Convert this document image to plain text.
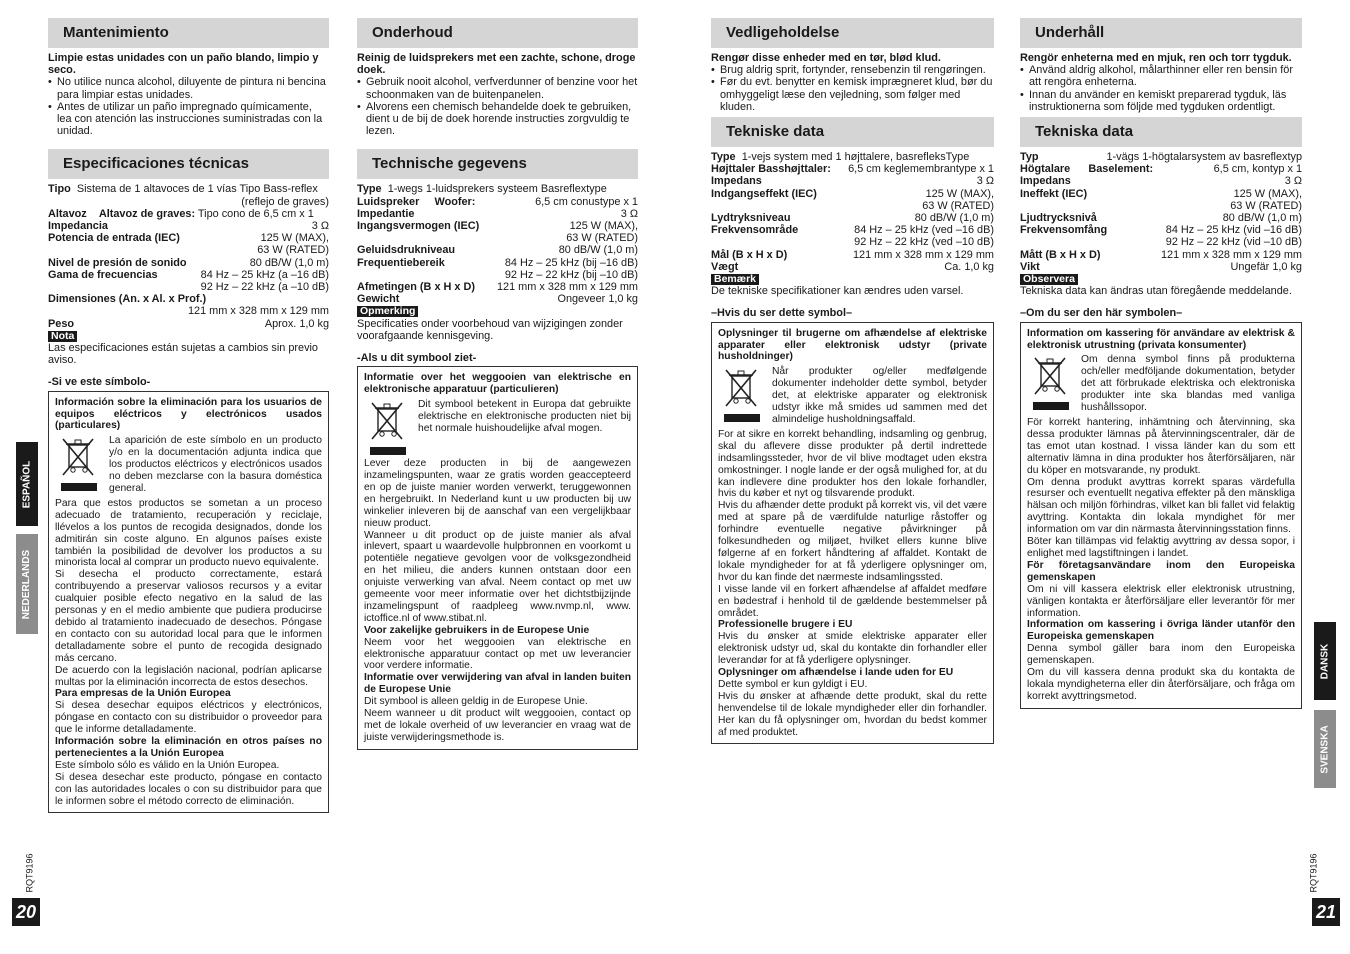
Mantenimiento
Limpie estas unidades con un paño blando, limpio y seco.
• No utilice nunca alcohol, diluyente de pintura ni bencina para limpiar estas unidades.
• Antes de utilizar un paño impregnado químicamente, lea con atención las instrucciones suministradas con la unidad.
Especificaciones técnicas
Tipo Sistema de 1 altavoces de 1 vías Tipo Bass-reflex
(reflejo de graves)
Altavoz Altavoz de graves: Tipo cono de 6,5 cm x 1
Impedancia	3 Ω
Potencia de entrada (IEC)	125 W (MAX),
63 W (RATED)
Nivel de presión de sonido	80 dB/W (1,0 m)
Gama de frecuencias	84 Hz – 25 kHz (a –16 dB)
92 Hz – 22 kHz (a –10 dB)
Dimensiones (An. x Al. x Prof.)
121 mm x 328 mm x 129 mm
Peso	Aprox. 1,0 kg
Nota
Las especificaciones están sujetas a cambios sin previo aviso.
-Si ve este símbolo-
Información sobre la eliminación para los usuarios de equipos eléctricos y electrónicos usados (particulares)
La aparición de este símbolo en un producto y/o en la documentación adjunta indica que los productos eléctricos y electrónicos usados no deben mezclarse con la basura doméstica general.
Para que estos productos se sometan a un proceso adecuado de tratamiento, recuperación y reciclaje, llévelos a los puntos de recogida designados, donde los admitirán sin coste alguno. En algunos países existe también la posibilidad de devolver los productos a su minorista local al comprar un producto nuevo equivalente.
Si desecha el producto correctamente, estará contribuyendo a preservar valiosos recursos y a evitar cualquier posible efecto negativo en la salud de las personas y en el medio ambiente que pudiera producirse debido al tratamiento inadecuado de desechos. Póngase en contacto con su autoridad local para que le informen detalladamente sobre el punto de recogida designado más cercano.
De acuerdo con la legislación nacional, podrían aplicarse multas por la eliminación incorrecta de estos desechos.
Para empresas de la Unión Europea
Si desea desechar equipos eléctricos y electrónicos, póngase en contacto con su distribuidor o proveedor para que le informe detalladamente.
Información sobre la eliminación en otros países no pertenecientes a la Unión Europea
Este símbolo sólo es válido en la Unión Europea.
Si desea desechar este producto, póngase en contacto con las autoridades locales o con su distribuidor para que le informen sobre el método correcto de eliminación.
Onderhoud
Reinig de luidsprekers met een zachte, schone, droge doek.
• Gebruik nooit alcohol, verfverdunner of benzine voor het schoonmaken van de buitenpanelen.
• Alvorens een chemisch behandelde doek te gebruiken, dient u de bij de doek horende instructies zorgvuldig te lezen.
Technische gegevens
Type 1-wegs 1-luidsprekers systeem Basreflextype
Luidspreker Woofer:	6,5 cm conustype x 1
Impedantie	3 Ω
Ingangsvermogen (IEC)	125 W (MAX),
63 W (RATED)
Geluidsdrukniveau	80 dB/W (1,0 m)
Frequentiebereik	84 Hz – 25 kHz (bij –16 dB)
92 Hz – 22 kHz (bij –10 dB)
Afmetingen (B x H x D) 121 mm x 328 mm x 129 mm
Gewicht	Ongeveer 1,0 kg
Opmerking
Specificaties onder voorbehoud van wijzigingen zonder voorafgaande kennisgeving.
-Als u dit symbool ziet-
Informatie over het weggooien van elektrische en elektronische apparatuur (particulieren)
Dit symbool betekent in Europa dat gebruikte elektrische en elektronische producten niet bij het normale huishoudelijke afval mogen.
Lever deze producten in bij de aangewezen inzamelingspunten, waar ze gratis worden geaccepteerd en op de juiste manier worden verwerkt, teruggewonnen en hergebruikt. In Nederland kunt u uw producten bij uw winkelier inleveren bij de aanschaf van een vergelijkbaar nieuw product.
Wanneer u dit product op de juiste manier als afval inlevert, spaart u waardevolle hulpbronnen en voorkomt u potentiële negatieve gevolgen voor de volksgezondheid en het milieu, die anders kunnen ontstaan door een onjuiste verwerking van afval. Neem contact op met uw gemeente voor meer informatie over het dichtstbijzijnde inzamelingspunt of raadpleeg www.nvmp.nl, www. ictoffice.nl of www.stibat.nl.
Voor zakelijke gebruikers in de Europese Unie
Neem voor het weggooien van elektrische en elektronische apparatuur contact op met uw leverancier voor verdere informatie.
Informatie over verwijdering van afval in landen buiten de Europese Unie
Dit symbool is alleen geldig in de Europese Unie.
Neem wanneer u dit product wilt weggooien, contact op met de lokale overheid of uw leverancier en vraag wat de juiste verwijderingsmethode is.
Vedligeholdelse
Rengør disse enheder med en tør, blød klud.
• Brug aldrig sprit, fortynder, rensebenzin til rengøringen.
• Før du evt. benytter en kemisk imprægneret klud, bør du omhyggeligt læse den vejledning, som følger med kluden.
Tekniske data
Type 1-vejs system med 1 højttalere, basrefleksType
Højttaler Basshøjttaler: 6,5 cm keglemembrantype x 1
Impedans	3 Ω
Indgangseffekt (IEC)	125 W (MAX),
63 W (RATED)
Lydtryksniveau	80 dB/W (1,0 m)
Frekvensområde	84 Hz – 25 kHz (ved –16 dB)
92 Hz – 22 kHz (ved –10 dB)
Mål (B x H x D)	121 mm x 328 mm x 129 mm
Vægt	Ca. 1,0 kg
Bemærk
De tekniske specifikationer kan ændres uden varsel.
–Hvis du ser dette symbol–
Oplysninger til brugerne om afhændelse af elektriske apparater eller elektronisk udstyr (private husholdninger)
Når produkter og/eller medfølgende dokumenter indeholder dette symbol, betyder det, at elektriske apparater og elektronisk udstyr ikke må smides ud sammen med det almindelige husholdningsaffald.
For at sikre en korrekt behandling, indsamling og genbrug, skal du aflevere disse produkter på dertil indrettede indsamlingssteder, hvor de vil blive modtaget uden ekstra omkostninger. I nogle lande er der også mulighed for, at du kan indlevere dine produkter hos den lokale forhandler, hvis du køber et nyt og tilsvarende produkt.
Hvis du afhænder dette produkt på korrekt vis, vil det være med at spare på de værdifulde naturlige råstoffer og forhindre eventuelle negative påvirkninger på folkesundheden og miljøet, hvilket ellers kunne blive følgerne af en forkert håndtering af affaldet. Kontakt de lokale myndigheder for at få yderligere oplysninger om, hvor du kan finde det nærmeste indsamlingssted.
I visse lande vil en forkert afhændelse af affaldet medføre en bødestraf i henhold til de gældende bestemmelser på området.
Professionelle brugere i EU
Hvis du ønsker at smide elektriske apparater eller elektronisk udstyr ud, skal du kontakte din forhandler eller leverandør for at få yderligere oplysninger.
Oplysninger om afhændelse i lande uden for EU
Dette symbol er kun gyldigt i EU.
Hvis du ønsker at afhænde dette produkt, skal du rette henvendelse til de lokale myndigheder eller din forhandler. Her kan du få oplysninger om, hvordan du bedst kommer af med produktet.
Underhåll
Rengör enheterna med en mjuk, ren och torr tygduk.
• Använd aldrig alkohol, målarthinner eller ren bensin för att rengöra enheterna.
• Innan du använder en kemiskt preparerad tygduk, läs instruktionerna som följde med tygduken ordentligt.
Tekniska data
Typ	1-vägs 1-högtalarsystem av basreflextyp
Högtalare Baselement:	6,5 cm, kontyp x 1
Impedans	3 Ω
Ineffekt (IEC)	125 W (MAX),
63 W (RATED)
Ljudtrycksnivå	80 dB/W (1,0 m)
Frekvensomfång	84 Hz – 25 kHz (vid –16 dB)
92 Hz – 22 kHz (vid –10 dB)
Mått (B x H x D)	121 mm x 328 mm x 129 mm
Vikt	Ungefär 1,0 kg
Observera
Tekniska data kan ändras utan föregående meddelande.
–Om du ser den här symbolen–
Information om kassering för användare av elektrisk & elektronisk utrustning (privata konsumenter)
Om denna symbol finns på produkterna och/eller medföljande dokumentation, betyder det att förbrukade elektriska och elektroniska produkter inte ska blandas med vanliga hushållssopor.
För korrekt hantering, inhämtning och återvinning, ska dessa produkter lämnas på återvinningscentraler, där de tas emot utan kostnad. I vissa länder kan du som ett alternativ lämna in dina produkter hos återförsäljaren, när du köper en motsvarande, ny produkt.
Om denna produkt avyttras korrekt sparas värdefulla resurser och eventuellt negativa effekter på den mänskliga hälsan och miljön förhindras, vilket kan bli fallet vid felaktig avyttring. Kontakta din lokala myndighet för mer information om var din närmasta återvinningsstation finns.
Böter kan tillämpas vid felaktig avyttring av dessa sopor, i enlighet med lagstiftningen i landet.
För företagsanvändare inom den Europeiska gemenskapen
Om ni vill kassera elektrisk eller elektronisk utrustning, vänligen kontakta er återförsäljare eller leverantör för mer information.
Information om kassering i övriga länder utanför den Europeiska gemenskapen
Denna symbol gäller bara inom den Europeiska gemenskapen.
Om du vill kassera denna produkt ska du kontakta de lokala myndigheterna eller din återförsäljare, och fråga om korrekt avyttringsmetod.
ESPAÑOL
NEDERLANDS
DANSK
SVENSKA
RQT9196	RQT9196
20	21
